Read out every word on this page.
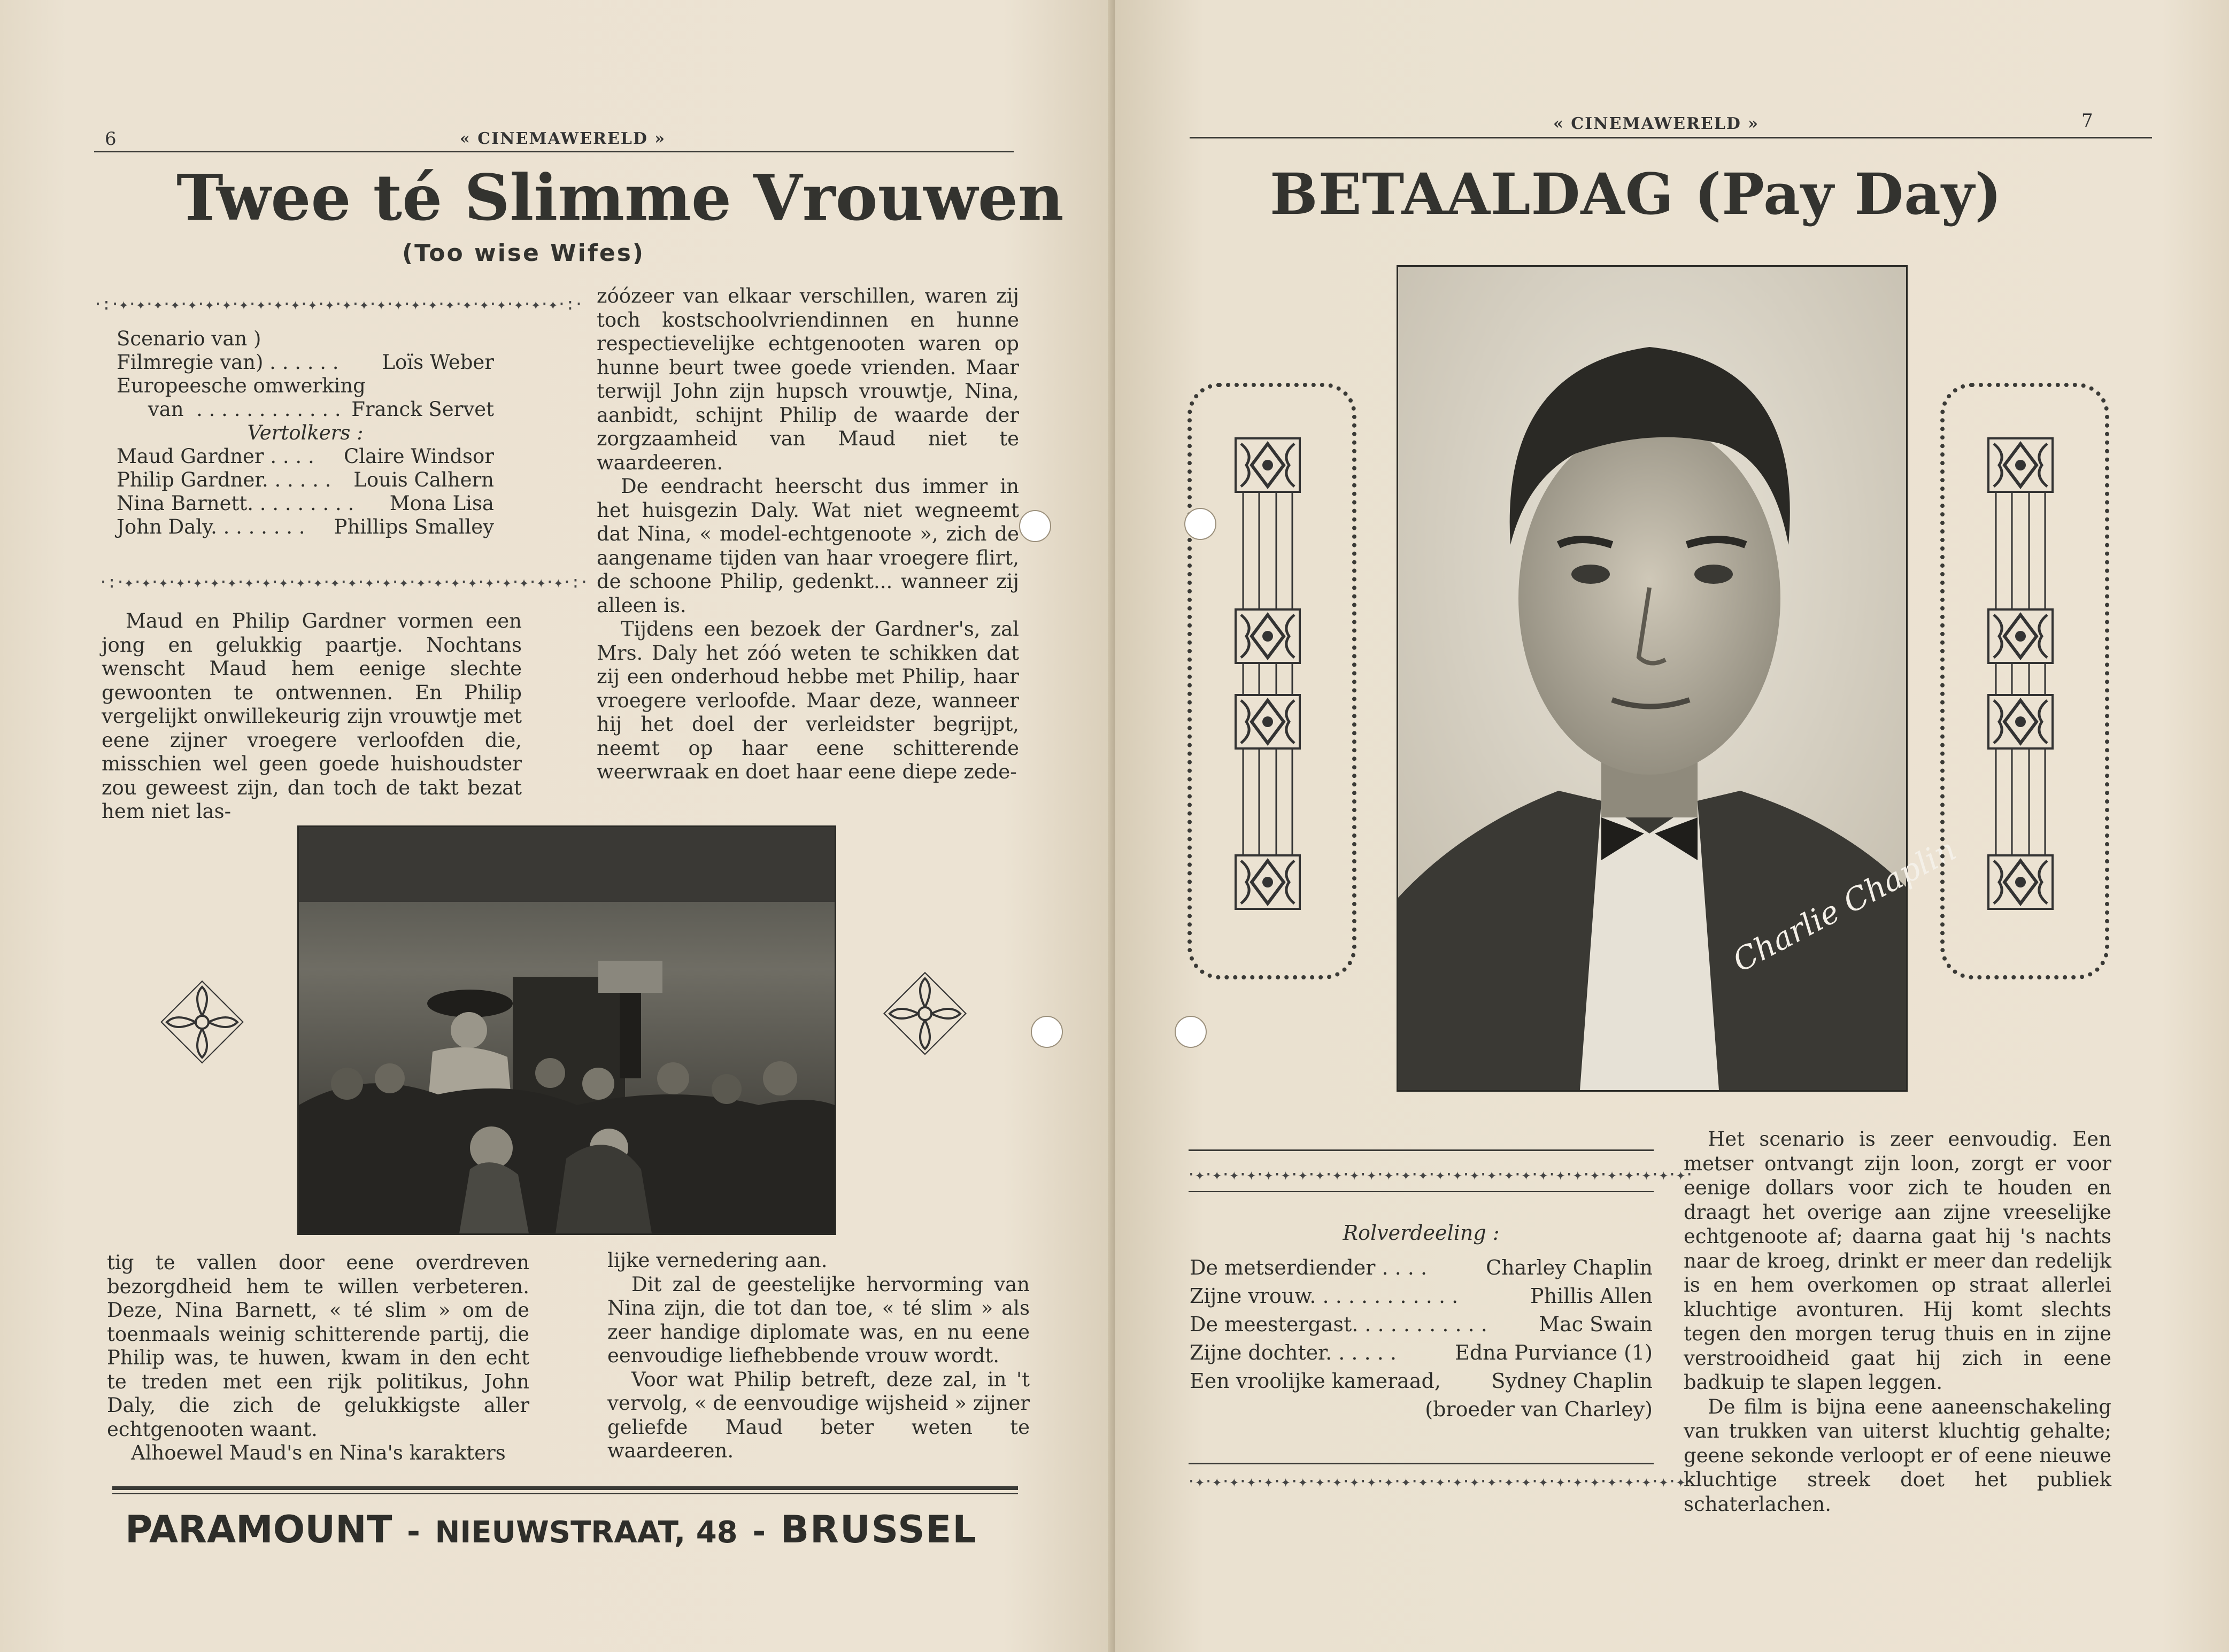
6	« CINEMAWERELD »
Twee té Slimme Vrouwen
(Too wise Wifes)
·:·✦·✦·✦·✦·✦·✦·✦·✦·✦·✦·✦·✦·✦·✦·✦·✦·✦·✦·✦·✦·✦·✦·✦·✦·✦·✦·:·
Scenario van )
Filmregie van) . . . . . . Loïs Weber
Europeesche omwerking
van  . . . . . . . . . . . . Franck Servet
Vertolkers :
Maud Gardner . . . . Claire Windsor
Philip Gardner. . . . . . Louis Calhern
Nina Barnett. . . . . . . . . Mona Lisa
John Daly. . . . . . . . Phillips Smalley
·:·✦·✦·✦·✦·✦·✦·✦·✦·✦·✦·✦·✦·✦·✦·✦·✦·✦·✦·✦·✦·✦·✦·✦·✦·✦·✦·:·

Maud en Philip Gardner vormen een jong en gelukkig paartje. Nochtans wenscht Maud hem eenige slechte gewoonten te ontwennen. En Philip vergelijkt onwillekeurig zijn vrouwtje met eene zijner vroegere verloofden die, misschien wel geen goede huishoudster zou geweest zijn, dan toch de takt bezat hem niet las-

zóózeer van elkaar verschillen, waren zij toch kostschoolvriendinnen en hunne respectievelijke echtgenooten waren op hunne beurt twee goede vrienden. Maar terwijl John zijn hupsch vrouwtje, Nina, aanbidt, schijnt Philip de waarde der zorgzaamheid van Maud niet te waardeeren.

De eendracht heerscht dus immer in het huisgezin Daly. Wat niet wegneemt dat Nina, « model-echtgenoote », zich de aangename tijden van haar vroegere flirt, de schoone Philip, gedenkt... wanneer zij alleen is.

Tijdens een bezoek der Gardner's, zal Mrs. Daly het zóó weten te schikken dat zij een onderhoud hebbe met Philip, haar vroegere verloofde. Maar deze, wanneer hij het doel der verleidster begrijpt, neemt op haar eene schitterende weerwraak en doet haar eene diepe zede-

tig te vallen door eene overdreven bezorgdheid hem te willen verbeteren. Deze, Nina Barnett, « té slim » om de toenmaals weinig schitterende partij, die Philip was, te huwen, kwam in den echt te treden met een rijk politikus, John Daly, die zich de gelukkigste aller echtgenooten waant.

Alhoewel Maud's en Nina's karakters

lijke vernedering aan.

Dit zal de geestelijke hervorming van Nina zijn, die tot dan toe, « té slim » als zeer handige diplomate was, en nu eene eenvoudige liefhebbende vrouw wordt.

Voor wat Philip betreft, deze zal, in 't vervolg, « de eenvoudige wijsheid » zijner geliefde Maud beter weten te waardeeren.

PARAMOUNT - NIEUWSTRAAT, 48 - BRUSSEL
« CINEMAWERELD »	7
BETAALDAG (Pay Day)
Charlie Chaplin
·✦·✦·✦·✦·✦·✦·✦·✦·✦·✦·✦·✦·✦·✦·✦·✦·✦·✦·✦·✦·✦·✦·✦·✦·✦·✦·✦·✦·✦·
Rolverdeeling :
De metserdiender . . . .	Charley Chaplin
Zijne vrouw. . . . . . . . . . . .	Phillis Allen
De meestergast. . . . . . . . . . .	Mac Swain
Zijne dochter. . . . . .	Edna Purviance (1)
Een vroolijke kameraad, Sydney Chaplin
(broeder van Charley)
·✦·✦·✦·✦·✦·✦·✦·✦·✦·✦·✦·✦·✦·✦·✦·✦·✦·✦·✦·✦·✦·✦·✦·✦·✦·✦·✦·✦·✦·

Het scenario is zeer eenvoudig. Een metser ontvangt zijn loon, zorgt er voor eenige dollars voor zich te houden en draagt het overige aan zijne vreeselijke echtgenoote af; daarna gaat hij 's nachts naar de kroeg, drinkt er meer dan redelijk is en hem overkomen op straat allerlei kluchtige avonturen. Hij komt slechts tegen den morgen terug thuis en in zijne verstrooidheid gaat hij zich in eene badkuip te slapen leggen.

De film is bijna eene aaneenschakeling van trukken van uiterst kluchtig gehalte; geene sekonde verloopt er of eene nieuwe kluchtige streek doet het publiek schaterlachen.
